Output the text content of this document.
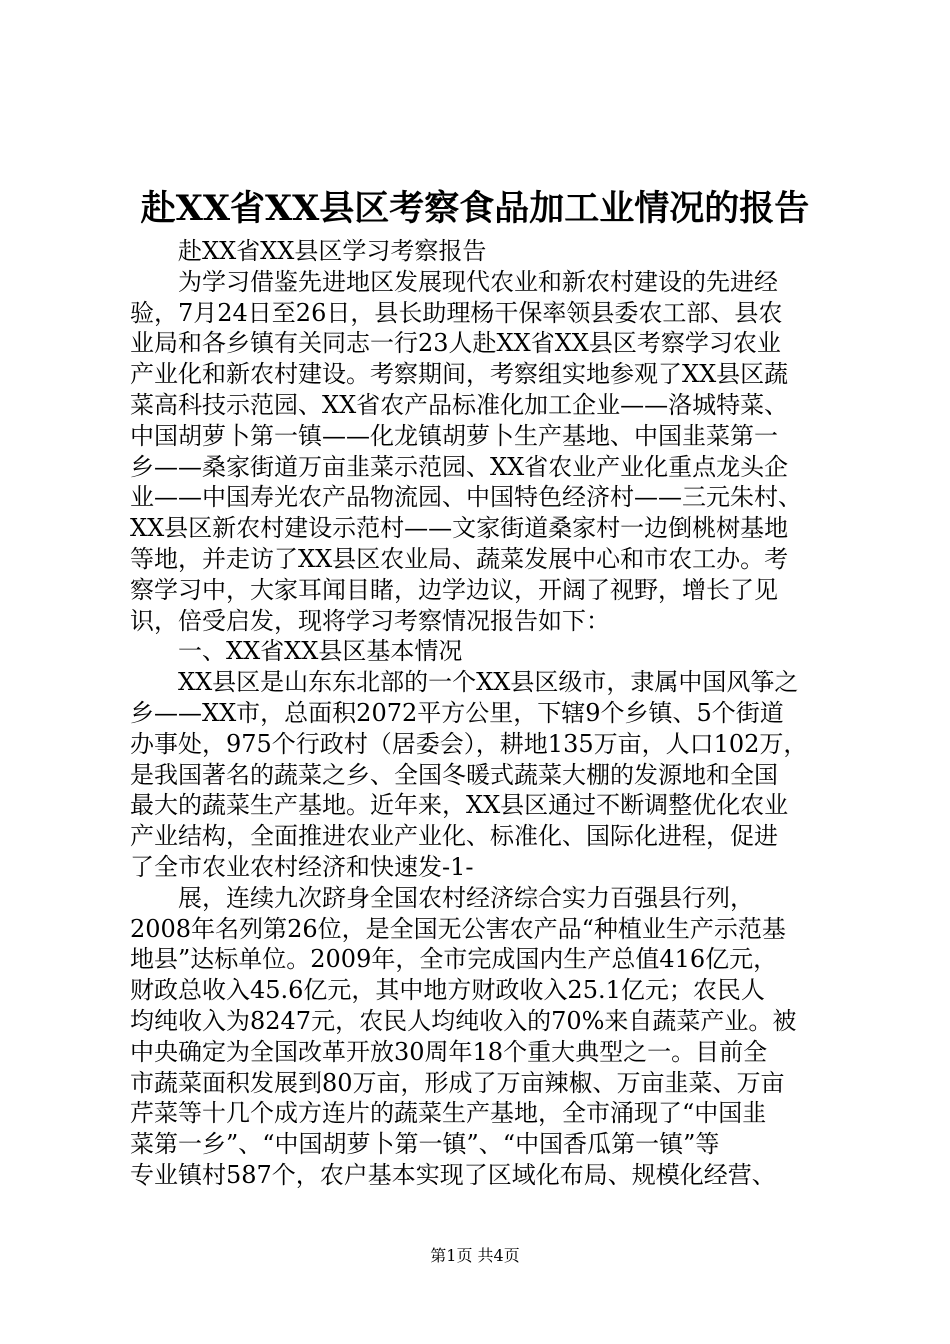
赴XX省XX县区考察食品加工业情况的报告
　　赴XX省XX县区学习考察报告
　　为学习借鉴先进地区发展现代农业和新农村建设的先进经
验，7月24日至26日，县长助理杨干保率领县委农工部、县农
业局和各乡镇有关同志一行23人赴XX省XX县区考察学习农业
产业化和新农村建设。考察期间，考察组实地参观了XX县区蔬
菜高科技示范园、XX省农产品标准化加工企业——洛城特菜、
中国胡萝卜第一镇——化龙镇胡萝卜生产基地、中国韭菜第一
乡——桑家街道万亩韭菜示范园、XX省农业产业化重点龙头企
业——中国寿光农产品物流园、中国特色经济村——三元朱村、
XX县区新农村建设示范村——文家街道桑家村一边倒桃树基地
等地，并走访了XX县区农业局、蔬菜发展中心和市农工办。考
察学习中，大家耳闻目睹，边学边议，开阔了视野，增长了见
识，倍受启发，现将学习考察情况报告如下：
　　一、XX省XX县区基本情况
　　XX县区是山东东北部的一个XX县区级市，隶属中国风筝之
乡——XX市，总面积2072平方公里，下辖9个乡镇、5个街道
办事处，975个行政村（居委会），耕地135万亩，人口102万，
是我国著名的蔬菜之乡、全国冬暖式蔬菜大棚的发源地和全国
最大的蔬菜生产基地。近年来，XX县区通过不断调整优化农业
产业结构，全面推进农业产业化、标准化、国际化进程，促进
了全市农业农村经济和快速发-1-
　　展，连续九次跻身全国农村经济综合实力百强县行列，
2008年名列第26位，是全国无公害农产品“种植业生产示范基
地县”达标单位。2009年，全市完成国内生产总值416亿元，
财政总收入45.6亿元，其中地方财政收入25.1亿元；农民人
均纯收入为8247元，农民人均纯收入的70%来自蔬菜产业。被
中央确定为全国改革开放30周年18个重大典型之一。目前全
市蔬菜面积发展到80万亩，形成了万亩辣椒、万亩韭菜、万亩
芹菜等十几个成方连片的蔬菜生产基地，全市涌现了“中国韭
菜第一乡”、“中国胡萝卜第一镇”、“中国香瓜第一镇”等
专业镇村587个，农户基本实现了区域化布局、规模化经营、
第1页 共4页
